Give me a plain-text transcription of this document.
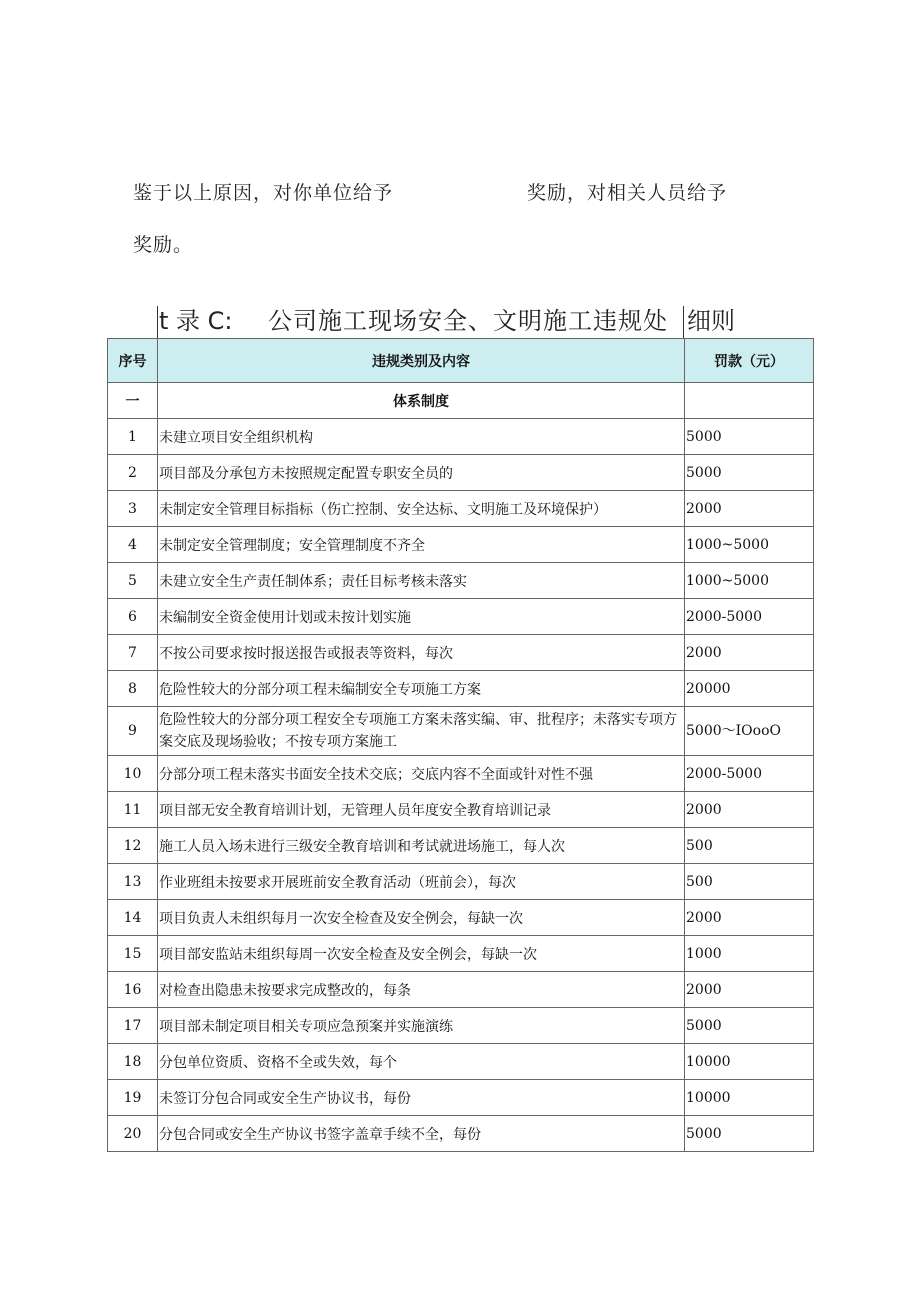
鉴于以上原因，对你单位给予	奖励，对相关人员给予
奖励。
t 录 C: 公司施工现场安全、文明施工违规处 细则
序号	违规类别及内容	罚款（元）
一	体系制度	
1	未建立项目安全组织机构	5000
2	项目部及分承包方未按照规定配置专职安全员的	5000
3	未制定安全管理目标指标（伤亡控制、安全达标、文明施工及环境保护）	2000
4	未制定安全管理制度；安全管理制度不齐全	1000~5000
5	未建立安全生产责任制体系；责任目标考核未落实	1000~5000
6	未编制安全资金使用计划或未按计划实施	2000-5000
7	不按公司要求按时报送报告或报表等资料，每次	2000
8	危险性较大的分部分项工程未编制安全专项施工方案	20000
9	危险性较大的分部分项工程安全专项施工方案未落实编、审、批程序；未落实专项方案交底及现场验收；不按专项方案施工	5000～IOooO
10	分部分项工程未落实书面安全技术交底；交底内容不全面或针对性不强	2000-5000
11	项目部无安全教育培训计划，无管理人员年度安全教育培训记录	2000
12	施工人员入场未进行三级安全教育培训和考试就进场施工，每人次	500
13	作业班组未按要求开展班前安全教育活动（班前会），每次	500
14	项目负责人未组织每月一次安全检查及安全例会，每缺一次	2000
15	项目部安监站未组织每周一次安全检查及安全例会，每缺一次	1000
16	对检查出隐患未按要求完成整改的，每条	2000
17	项目部未制定项目相关专项应急预案并实施演练	5000
18	分包单位资质、资格不全或失效，每个	10000
19	未签订分包合同或安全生产协议书，每份	10000
20	分包合同或安全生产协议书签字盖章手续不全，每份	5000
